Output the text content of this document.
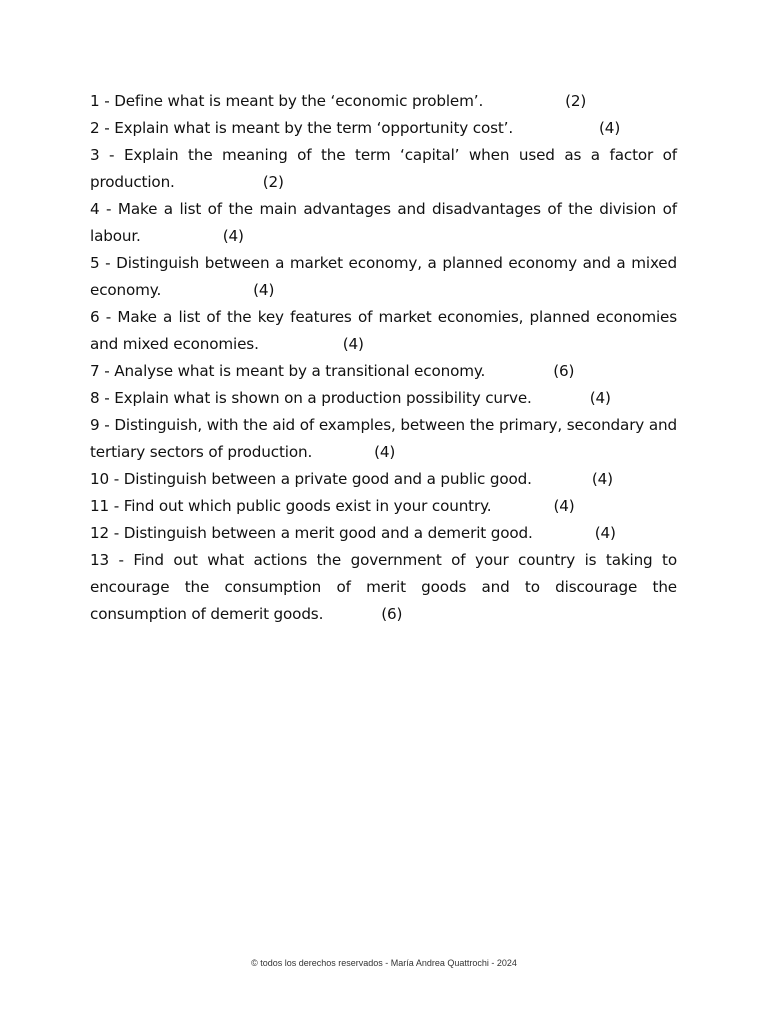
1 - Define what is meant by the ‘economic problem’.	(2)
2 - Explain what is meant by the term ‘opportunity cost’.	(4)
3 - Explain the meaning of the term ‘capital’ when used as a factor of production.	(2)
4 - Make a list of the main advantages and disadvantages of the division of labour.	(4)
5 - Distinguish between a market economy, a planned economy and a mixed economy.	(4)
6 - Make a list of the key features of market economies, planned economies and mixed economies.	(4)
7 - Analyse what is meant by a transitional economy.	(6)
8 - Explain what is shown on a production possibility curve.	(4)
9 - Distinguish, with the aid of examples, between the primary, secondary and tertiary sectors of production.	(4)
10 - Distinguish between a private good and a public good.	(4)
11 - Find out which public goods exist in your country.	(4)
12 - Distinguish between a merit good and a demerit good.	(4)
13 - Find out what actions the government of your country is taking to encourage the consumption of merit goods and to discourage the consumption of demerit goods.	(6)
© todos los derechos reservados - María Andrea Quattrochi - 2024
